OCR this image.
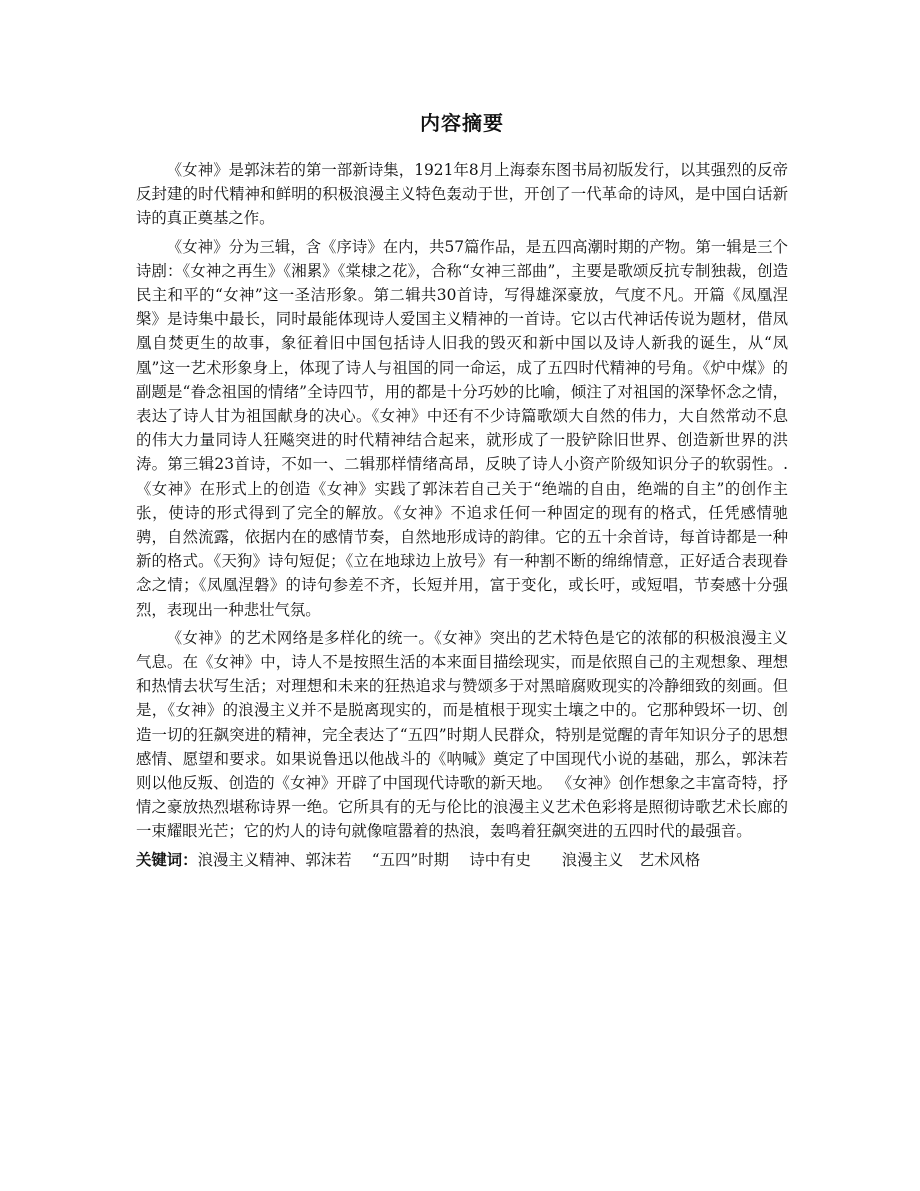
内容摘要

《女神》是郭沫若的第一部新诗集，1921年8月上海泰东图书局初版发行，以其强烈的反帝反封建的时代精神和鲜明的积极浪漫主义特色轰动于世，开创了一代革命的诗风，是中国白话新诗的真正奠基之作。

《女神》分为三辑，含《序诗》在内，共57篇作品，是五四高潮时期的产物。第一辑是三个诗剧：《女神之再生》《湘累》《棠棣之花》，合称“女神三部曲”，主要是歌颂反抗专制独裁，创造民主和平的“女神”这一圣洁形象。第二辑共30首诗，写得雄深豪放，气度不凡。开篇《凤凰涅槃》是诗集中最长，同时最能体现诗人爱国主义精神的一首诗。它以古代神话传说为题材，借凤凰自焚更生的故事，象征着旧中国包括诗人旧我的毁灭和新中国以及诗人新我的诞生，从“凤凰”这一艺术形象身上，体现了诗人与祖国的同一命运，成了五四时代精神的号角。《炉中煤》的副题是“眷念祖国的情绪”全诗四节，用的都是十分巧妙的比喻，倾注了对祖国的深挚怀念之情，表达了诗人甘为祖国献身的决心。《女神》中还有不少诗篇歌颂大自然的伟力，大自然常动不息的伟大力量同诗人狂飚突进的时代精神结合起来，就形成了一股铲除旧世界、创造新世界的洪涛。第三辑23首诗，不如一、二辑那样情绪高昂，反映了诗人小资产阶级知识分子的软弱性。. 《女神》在形式上的创造《女神》实践了郭沫若自己关于“绝端的自由，绝端的自主”的创作主张，使诗的形式得到了完全的解放。《女神》不追求任何一种固定的现有的格式，任凭感情驰骋，自然流露，依据内在的感情节奏，自然地形成诗的韵律。它的五十余首诗，每首诗都是一种新的格式。《天狗》诗句短促；《立在地球边上放号》有一种割不断的绵绵情意，正好适合表现眷念之情；《凤凰涅磐》的诗句参差不齐，长短并用，富于变化，或长吁，或短唱，节奏感十分强烈，表现出一种悲壮气氛。

《女神》的艺术网络是多样化的统一。《女神》突出的艺术特色是它的浓郁的积极浪漫主义气息。在《女神》中，诗人不是按照生活的本来面目描绘现实，而是依照自己的主观想象、理想和热情去状写生活；对理想和未来的狂热追求与赞颂多于对黑暗腐败现实的冷静细致的刻画。但是，《女神》的浪漫主义并不是脱离现实的，而是植根于现实土壤之中的。它那种毁坏一切、创造一切的狂飙突进的精神，完全表达了“五四”时期人民群众，特别是觉醒的青年知识分子的思想感情、愿望和要求。如果说鲁迅以他战斗的《呐喊》奠定了中国现代小说的基础，那么，郭沫若则以他反叛、创造的《女神》开辟了中国现代诗歌的新天地。 《女神》创作想象之丰富奇特，抒情之豪放热烈堪称诗界一绝。它所具有的无与伦比的浪漫主义艺术色彩将是照彻诗歌艺术长廊的一束耀眼光芒；它的灼人的诗句就像喧嚣着的热浪，轰鸣着狂飙突进的五四时代的最强音。

关键词：浪漫主义精神、郭沫若　 “五四”时期　 诗中有史　　浪漫主义　艺术风格
